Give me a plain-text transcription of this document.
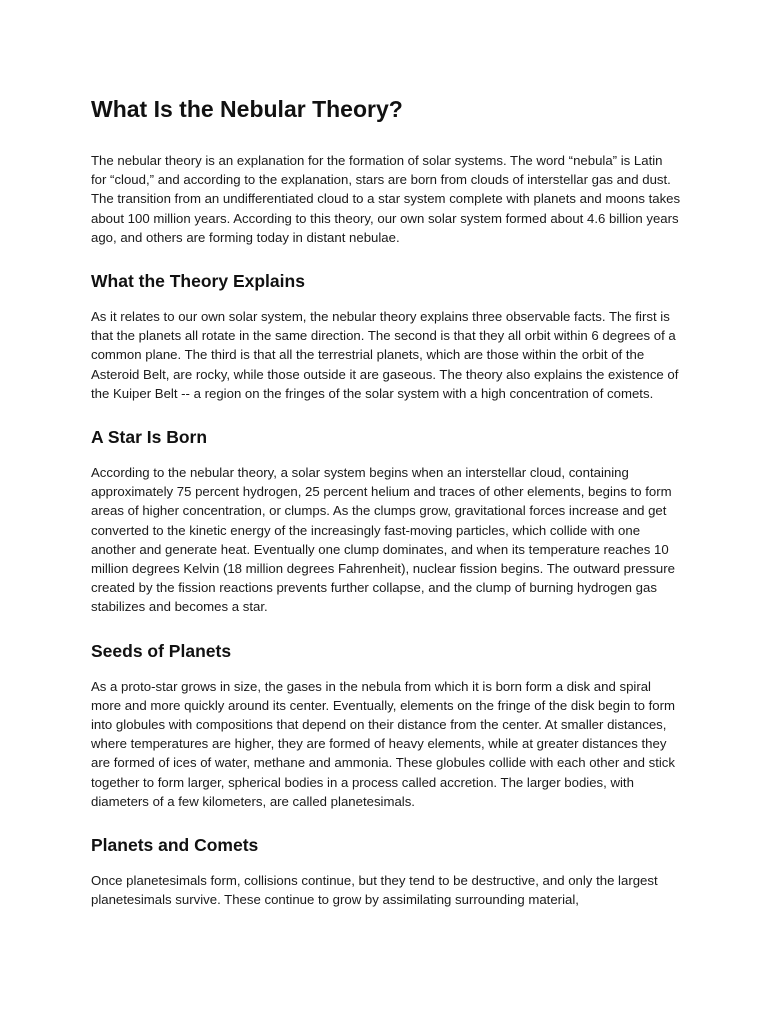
What Is the Nebular Theory?

The nebular theory is an explanation for the formation of solar systems. The word “nebula” is Latin for “cloud,” and according to the explanation, stars are born from clouds of interstellar gas and dust. The transition from an undifferentiated cloud to a star system complete with planets and moons takes about 100 million years. According to this theory, our own solar system formed about 4.6 billion years ago, and others are forming today in distant nebulae.

What the Theory Explains

As it relates to our own solar system, the nebular theory explains three observable facts. The first is that the planets all rotate in the same direction. The second is that they all orbit within 6 degrees of a common plane. The third is that all the terrestrial planets, which are those within the orbit of the Asteroid Belt, are rocky, while those outside it are gaseous. The theory also explains the existence of the Kuiper Belt -- a region on the fringes of the solar system with a high concentration of comets.

A Star Is Born

According to the nebular theory, a solar system begins when an interstellar cloud, containing approximately 75 percent hydrogen, 25 percent helium and traces of other elements, begins to form areas of higher concentration, or clumps. As the clumps grow, gravitational forces increase and get converted to the kinetic energy of the increasingly fast-moving particles, which collide with one another and generate heat. Eventually one clump dominates, and when its temperature reaches 10 million degrees Kelvin (18 million degrees Fahrenheit), nuclear fission begins. The outward pressure created by the fission reactions prevents further collapse, and the clump of burning hydrogen gas stabilizes and becomes a star.

Seeds of Planets

As a proto-star grows in size, the gases in the nebula from which it is born form a disk and spiral more and more quickly around its center. Eventually, elements on the fringe of the disk begin to form into globules with compositions that depend on their distance from the center. At smaller distances, where temperatures are higher, they are formed of heavy elements, while at greater distances they are formed of ices of water, methane and ammonia. These globules collide with each other and stick together to form larger, spherical bodies in a process called accretion. The larger bodies, with diameters of a few kilometers, are called planetesimals.

Planets and Comets

Once planetesimals form, collisions continue, but they tend to be destructive, and only the largest planetesimals survive. These continue to grow by assimilating surrounding material,
